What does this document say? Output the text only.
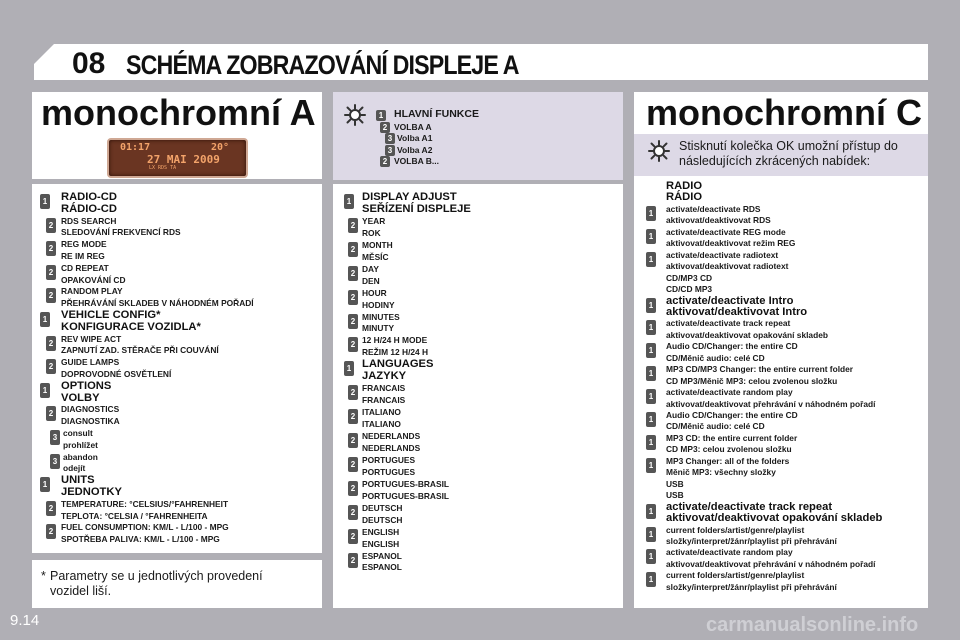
08 SCHÉMA ZOBRAZOVÁNÍ DISPLEJE A
monochromní A
01:17	20°
27 MAI 2009
LX RDS TA
1 RADIO-CD
RÁDIO-CD
2 RDS SEARCH
SLEDOVÁNÍ FREKVENCÍ RDS
2 REG MODE
RE IM REG
2 CD REPEAT
OPAKOVÁNÍ CD
2 RANDOM PLAY
PŘEHRÁVÁNÍ SKLADEB V NÁHODNÉM POŘADÍ
1 VEHICLE CONFIG*
KONFIGURACE VOZIDLA*
2 REV WIPE ACT
ZAPNUTÍ ZAD. STĚRAČE PŘI COUVÁNÍ
2 GUIDE LAMPS
DOPROVODNÉ OSVĚTLENÍ
1 OPTIONS
VOLBY
2 DIAGNOSTICS
DIAGNOSTIKA
3 consult
prohlížet
3 abandon
odejít
1 UNITS
JEDNOTKY
2 TEMPERATURE: °CELSIUS/°FAHRENHEIT
TEPLOTA: °CELSIA / °FAHRENHEITA
2 FUEL CONSUMPTION: KM/L - L/100 - MPG
SPOTŘEBA PALIVA: KM/L - L/100 - MPG
* Parametry se u jednotlivých provedení vozidel liší.
1 HLAVNÍ FUNKCE
2 VOLBA A
3 Volba A1
3 Volba A2
2 VOLBA B...
1 DISPLAY ADJUST
SEŘÍZENÍ DISPLEJE
2 YEAR
ROK
2 MONTH
MĚSÍC
2 DAY
DEN
2 HOUR
HODINY
2 MINUTES
MINUTY
2 12 H/24 H MODE
REŽIM 12 H/24 H
1 LANGUAGES
JAZYKY
2 FRANCAIS
FRANCAIS
2 ITALIANO
ITALIANO
2 NEDERLANDS
NEDERLANDS
2 PORTUGUES
PORTUGUES
2 PORTUGUES-BRASIL
PORTUGUES-BRASIL
2 DEUTSCH
DEUTSCH
2 ENGLISH
ENGLISH
2 ESPANOL
ESPANOL
monochromní C
Stisknutí kolečka OK umožní přístup do následujících zkrácených nabídek:
RADIO
RÁDIO
1	activate/deactivate RDS
aktivovat/deaktivovat RDS
1	activate/deactivate REG mode
aktivovat/deaktivovat režim REG
1	activate/deactivate radiotext
aktivovat/deaktivovat radiotext
CD/MP3 CD
CD/CD MP3
1 activate/deactivate Intro
aktivovat/deaktivovat Intro
1	activate/deactivate track repeat
aktivovat/deaktivovat opakování skladeb
1	Audio CD/Changer: the entire CD
CD/Měnič audio: celé CD
1	MP3 CD/MP3 Changer: the entire current folder
CD MP3/Měnič MP3: celou zvolenou složku
1	activate/deactivate random play
aktivovat/deaktivovat přehrávání v náhodném pořadí
1	Audio CD/Changer: the entire CD
CD/Měnič audio: celé CD
1	MP3 CD: the entire current folder
CD MP3: celou zvolenou složku
1	MP3 Changer: all of the folders
Měnič MP3: všechny složky
USB
USB
1 activate/deactivate track repeat
aktivovat/deaktivovat opakování skladeb
1	current folders/artist/genre/playlist
složky/interpret/žánr/playlist při přehrávání
1	activate/deactivate random play
aktivovat/deaktivovat přehrávání v náhodném pořadí
1	current folders/artist/genre/playlist
složky/interpret/žánr/playlist při přehrávání
9.14	carmanualsonline.info
